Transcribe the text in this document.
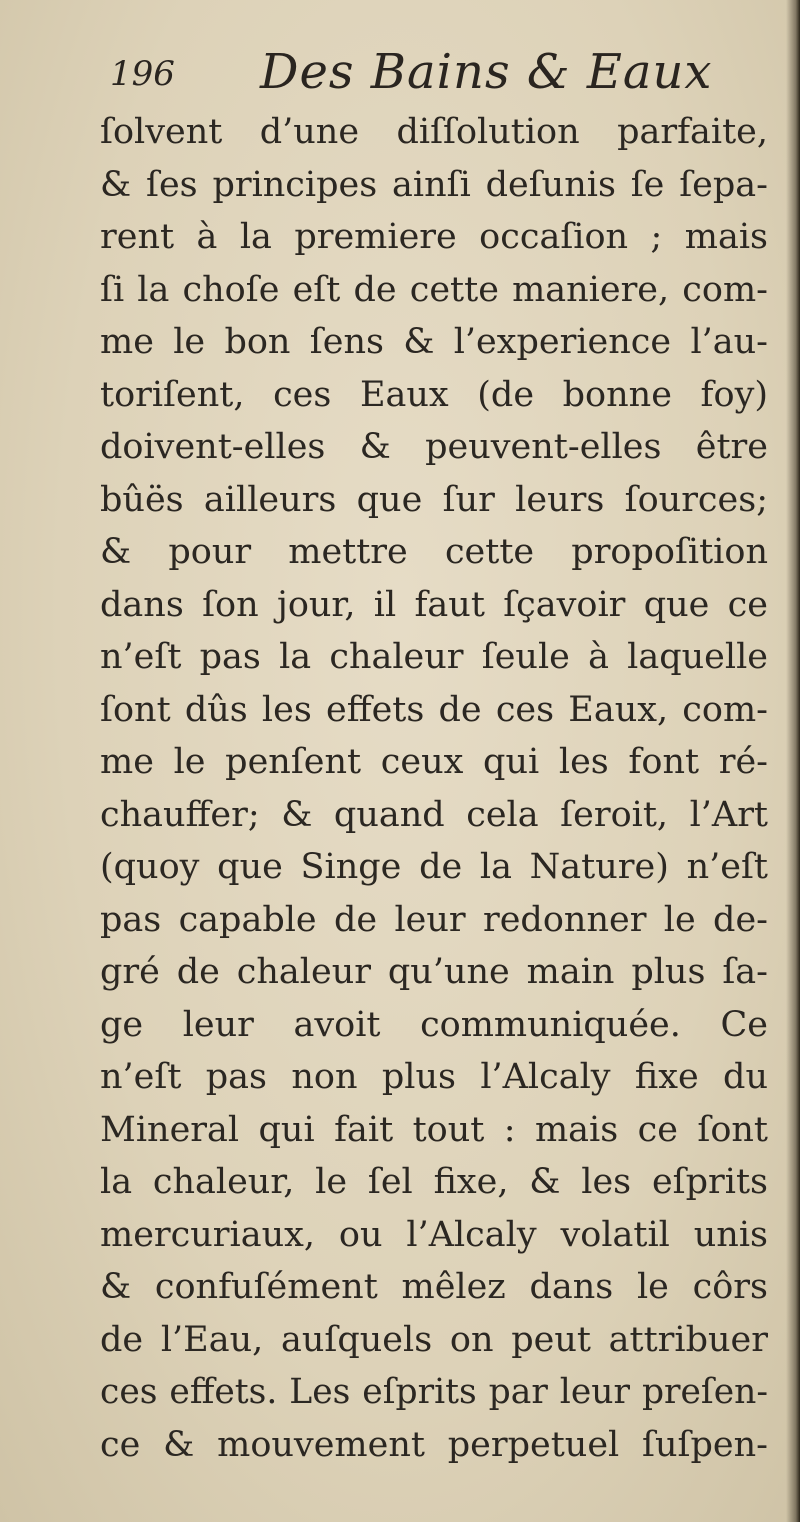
196 Des Bains & Eaux
ſolvent d’une diſſolution parfaite,
& ſes principes ainſi deſunis ſe ſepa-
rent à la premiere occaſion ; mais
ſi la choſe eſt de cette maniere, com-
me le bon ſens & l’experience l’au-
toriſent, ces Eaux (de bonne foy)
doivent-elles & peuvent-elles être
bûës ailleurs que ſur leurs ſources;
& pour mettre cette propoſition
dans ſon jour, il faut ſçavoir que ce
n’eſt pas la chaleur ſeule à laquelle
ſont dûs les effets de ces Eaux, com-
me le penſent ceux qui les font ré-
chauffer; & quand cela ſeroit, l’Art
(quoy que Singe de la Nature) n’eſt
pas capable de leur redonner le de-
gré de chaleur qu’une main plus ſa-
ge leur avoit communiquée. Ce
n’eſt pas non plus l’Alcaly fixe du
Mineral qui fait tout : mais ce ſont
la chaleur, le ſel fixe, & les eſprits
mercuriaux, ou l’Alcaly volatil unis
& confuſément mêlez dans le côrs
de l’Eau, auſquels on peut attribuer
ces effets. Les eſprits par leur preſen-
ce & mouvement perpetuel ſuſpen-
